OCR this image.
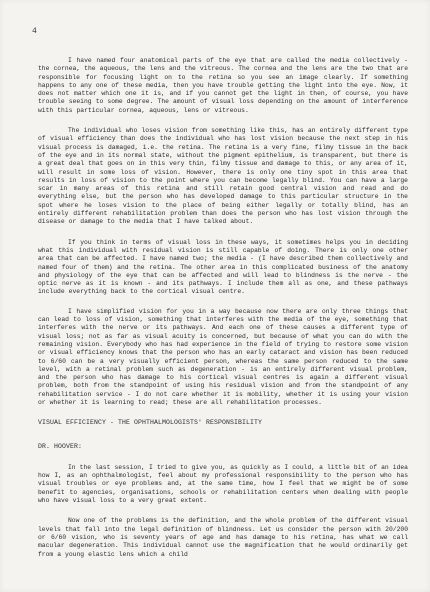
4

I have named four anatomical parts of the eye that are called the media collectively - the cornea, the aqueous, the lens and the vitreous. The cornea and the lens are the two that are responsible for focusing light on to the retina so you see an image clearly. If something happens to any one of these media, then you have trouble getting the light into the eye. Now, it does not matter which one it is, and if you cannot get the light in then, of course, you have trouble seeing to some degree. The amount of visual loss depending on the amount of interference with this particular cornea, aqueous, lens or vitreous.

The individual who loses vision from something like this, has an entirely different type of visual efficiency than does the individual who has lost vision because the next step in his visual process is damaged, i.e. the retina. The retina is a very fine, filmy tissue in the back of the eye and in its normal state, without the pigment epithelium, is transparent, but there is a great deal that goes on in this very thin, filmy tissue and damage to this, or any area of it, will result in some loss of vision. However, there is only one tiny spot in this area that results in loss of vision to the point where you can become legally blind. You can have a large scar in many areas of this retina and still retain good central vision and read and do everything else, but the person who has developed damage to this particular structure in the spot where he loses vision to the place of being either legally or totally blind, has an entirely different rehabilitation problem than does the person who has lost vision through the disease or damage to the media that I have talked about.

If you think in terms of visual loss in these ways, it sometimes helps you in deciding what this individual with residual vision is still capable of doing. There is only one other area that can be affected. I have named two; the media - (I have described them collectively and named four of them) and the retina. The other area in this complicated business of the anatomy and physiology of the eye that can be affected and will lead to blindness is the nerve - the optic nerve as it is known - and its pathways. I include them all as one, and these pathways include everything back to the cortical visual centre.

I have simplified vision for you in a way because now there are only three things that can lead to loss of vision, something that interferes with the media of the eye, something that interferes with the nerve or its pathways. And each one of these causes a different type of visual loss; not as far as visual acuity is concerned, but because of what you can do with the remaining vision. Everybody who has had experience in the field of trying to restore some vision or visual efficiency knows that the person who has an early cataract and vision has been reduced to 6/60 can be a very visually efficient person, whereas the same person reduced to the same level, with a retinal problem such as degeneration - is an entirely different visual problem, and the person who has damage to his cortical visual centres is again a different visual problem, both from the standpoint of using his residual vision and from the standpoint of any rehabilitation service - I do not care whether it is mobility, whether it is using your vision or whether it is learning to read; these are all rehabilitation processes.

VISUAL EFFICIENCY - THE OPHTHALMOLOGISTS' RESPONSIBILITY

DR. HOOVER:

In the last session, I tried to give you, as quickly as I could, a little bit of an idea how I, as an ophthalmologist, feel about my professional responsibility to the person who has visual troubles or eye problems and, at the same time, how I feel that we might be of some benefit to agencies, organisations, schools or rehabilitation centers when dealing with people who have visual loss to a very great extent.

Now one of the problems is the definition, and the whole problem of the different visual levels that fall into the legal definition of blindness. Let us consider the person with 20/200 or 6/60 vision, who is seventy years of age and has damage to his retina, has what we call macular degeneration. This individual cannot use the magnification that he would ordinarily get from a young elastic lens which a child
